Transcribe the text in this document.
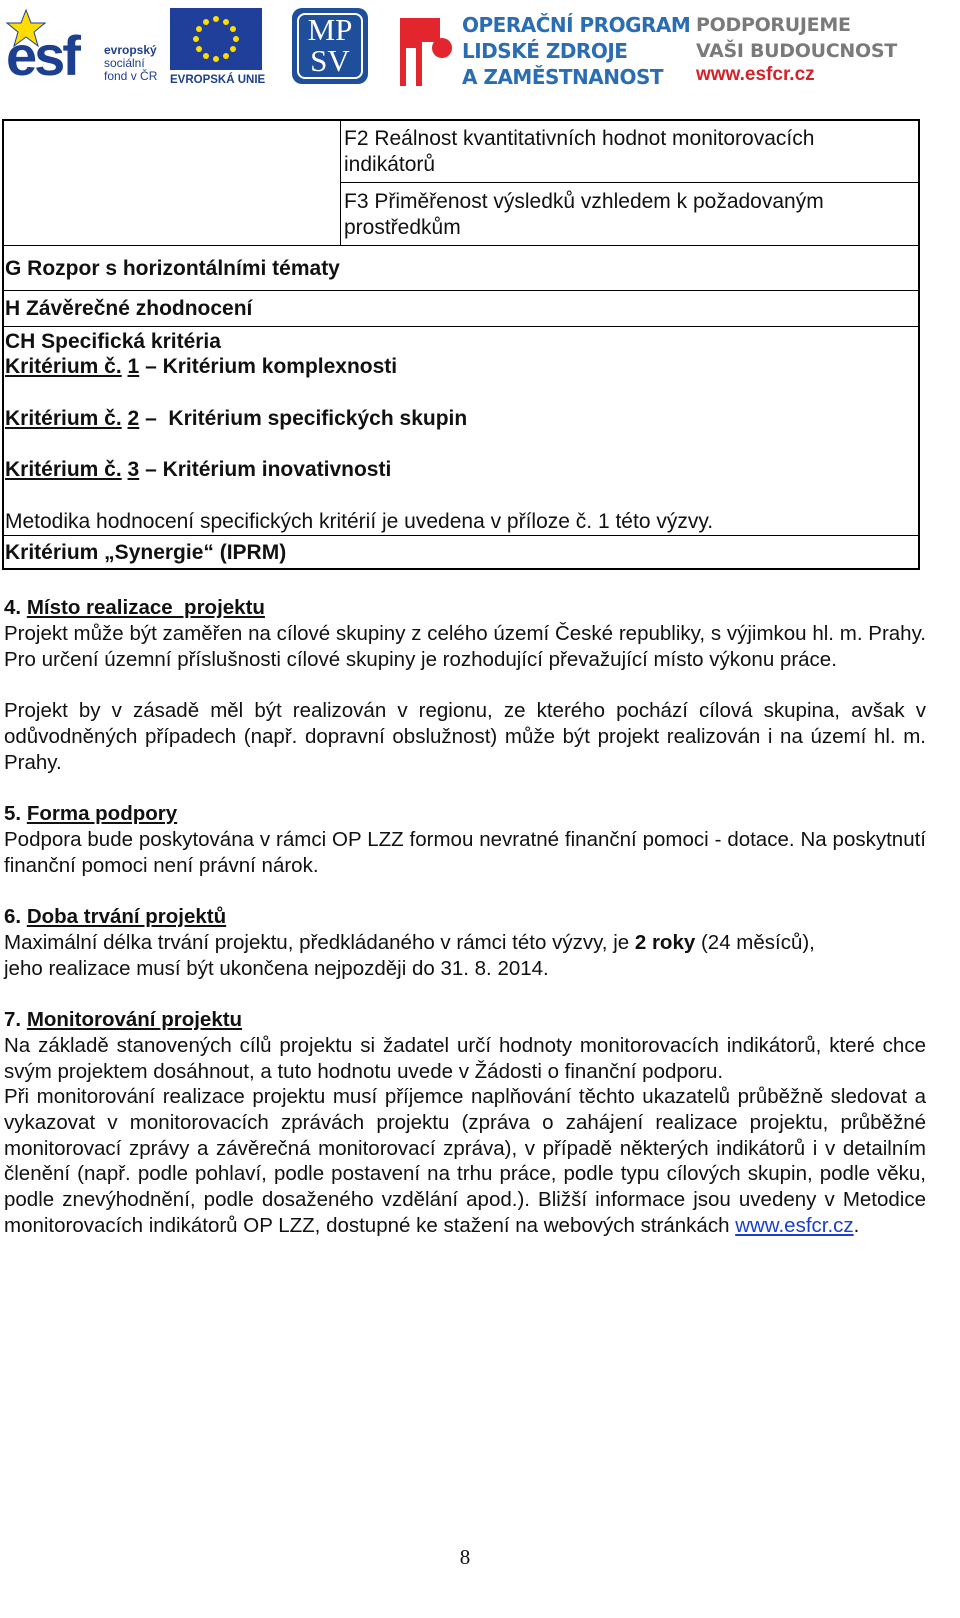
esf evropský
sociální
fond v ČR EVROPSKÁ UNIE
MP
SV
OPERAČNÍ PROGRAM
LIDSKÉ ZDROJE
A ZAMĚSTNANOST
PODPORUJEME
VAŠI BUDOUCNOST
www.esfcr.cz
F2 Reálnost kvantitativních hodnot monitorovacích indikátorů
F3 Přiměřenost výsledků vzhledem k požadovaným prostředkům
G Rozpor s horizontálními tématy
H Závěrečné zhodnocení
CH Specifická kritéria
Kritérium č. 1 – Kritérium komplexnosti
Kritérium č. 2 –  Kritérium specifických skupin
Kritérium č. 3 – Kritérium inovativnosti
Metodika hodnocení specifických kritérií je uvedena v příloze č. 1 této výzvy.
Kritérium „Synergie“ (IPRM)
4. Místo realizace  projektu
Projekt může být zaměřen na cílové skupiny z celého území České republiky, s výjimkou hl. m. Prahy. Pro určení územní příslušnosti cílové skupiny je rozhodující převažující místo výkonu práce.
Projekt by v zásadě měl být realizován v regionu, ze kterého pochází cílová skupina, avšak v odůvodněných případech (např. dopravní obslužnost) může být projekt realizován i na území hl. m. Prahy.
5. Forma podpory
Podpora bude poskytována v rámci OP LZZ formou nevratné finanční pomoci - dotace. Na poskytnutí finanční pomoci není právní nárok.
6. Doba trvání projektů
Maximální délka trvání projektu, předkládaného v rámci této výzvy, je 2 roky (24 měsíců),
jeho realizace musí být ukončena nejpozději do 31. 8. 2014.
7. Monitorování projektu
Na základě stanovených cílů projektu si žadatel určí hodnoty monitorovacích indikátorů, které chce svým projektem dosáhnout, a tuto hodnotu uvede v Žádosti o finanční podporu.
Při monitorování realizace projektu musí příjemce naplňování těchto ukazatelů průběžně sledovat a vykazovat v monitorovacích zprávách projektu (zpráva o zahájení realizace projektu, průběžné monitorovací zprávy a závěrečná monitorovací zpráva), v případě některých indikátorů i v detailním členění (např. podle pohlaví, podle postavení na trhu práce, podle typu cílových skupin, podle věku, podle znevýhodnění, podle dosaženého vzdělání apod.). Bližší informace jsou uvedeny v Metodice monitorovacích indikátorů OP LZZ, dostupné ke stažení na webových stránkách www.esfcr.cz.
8
